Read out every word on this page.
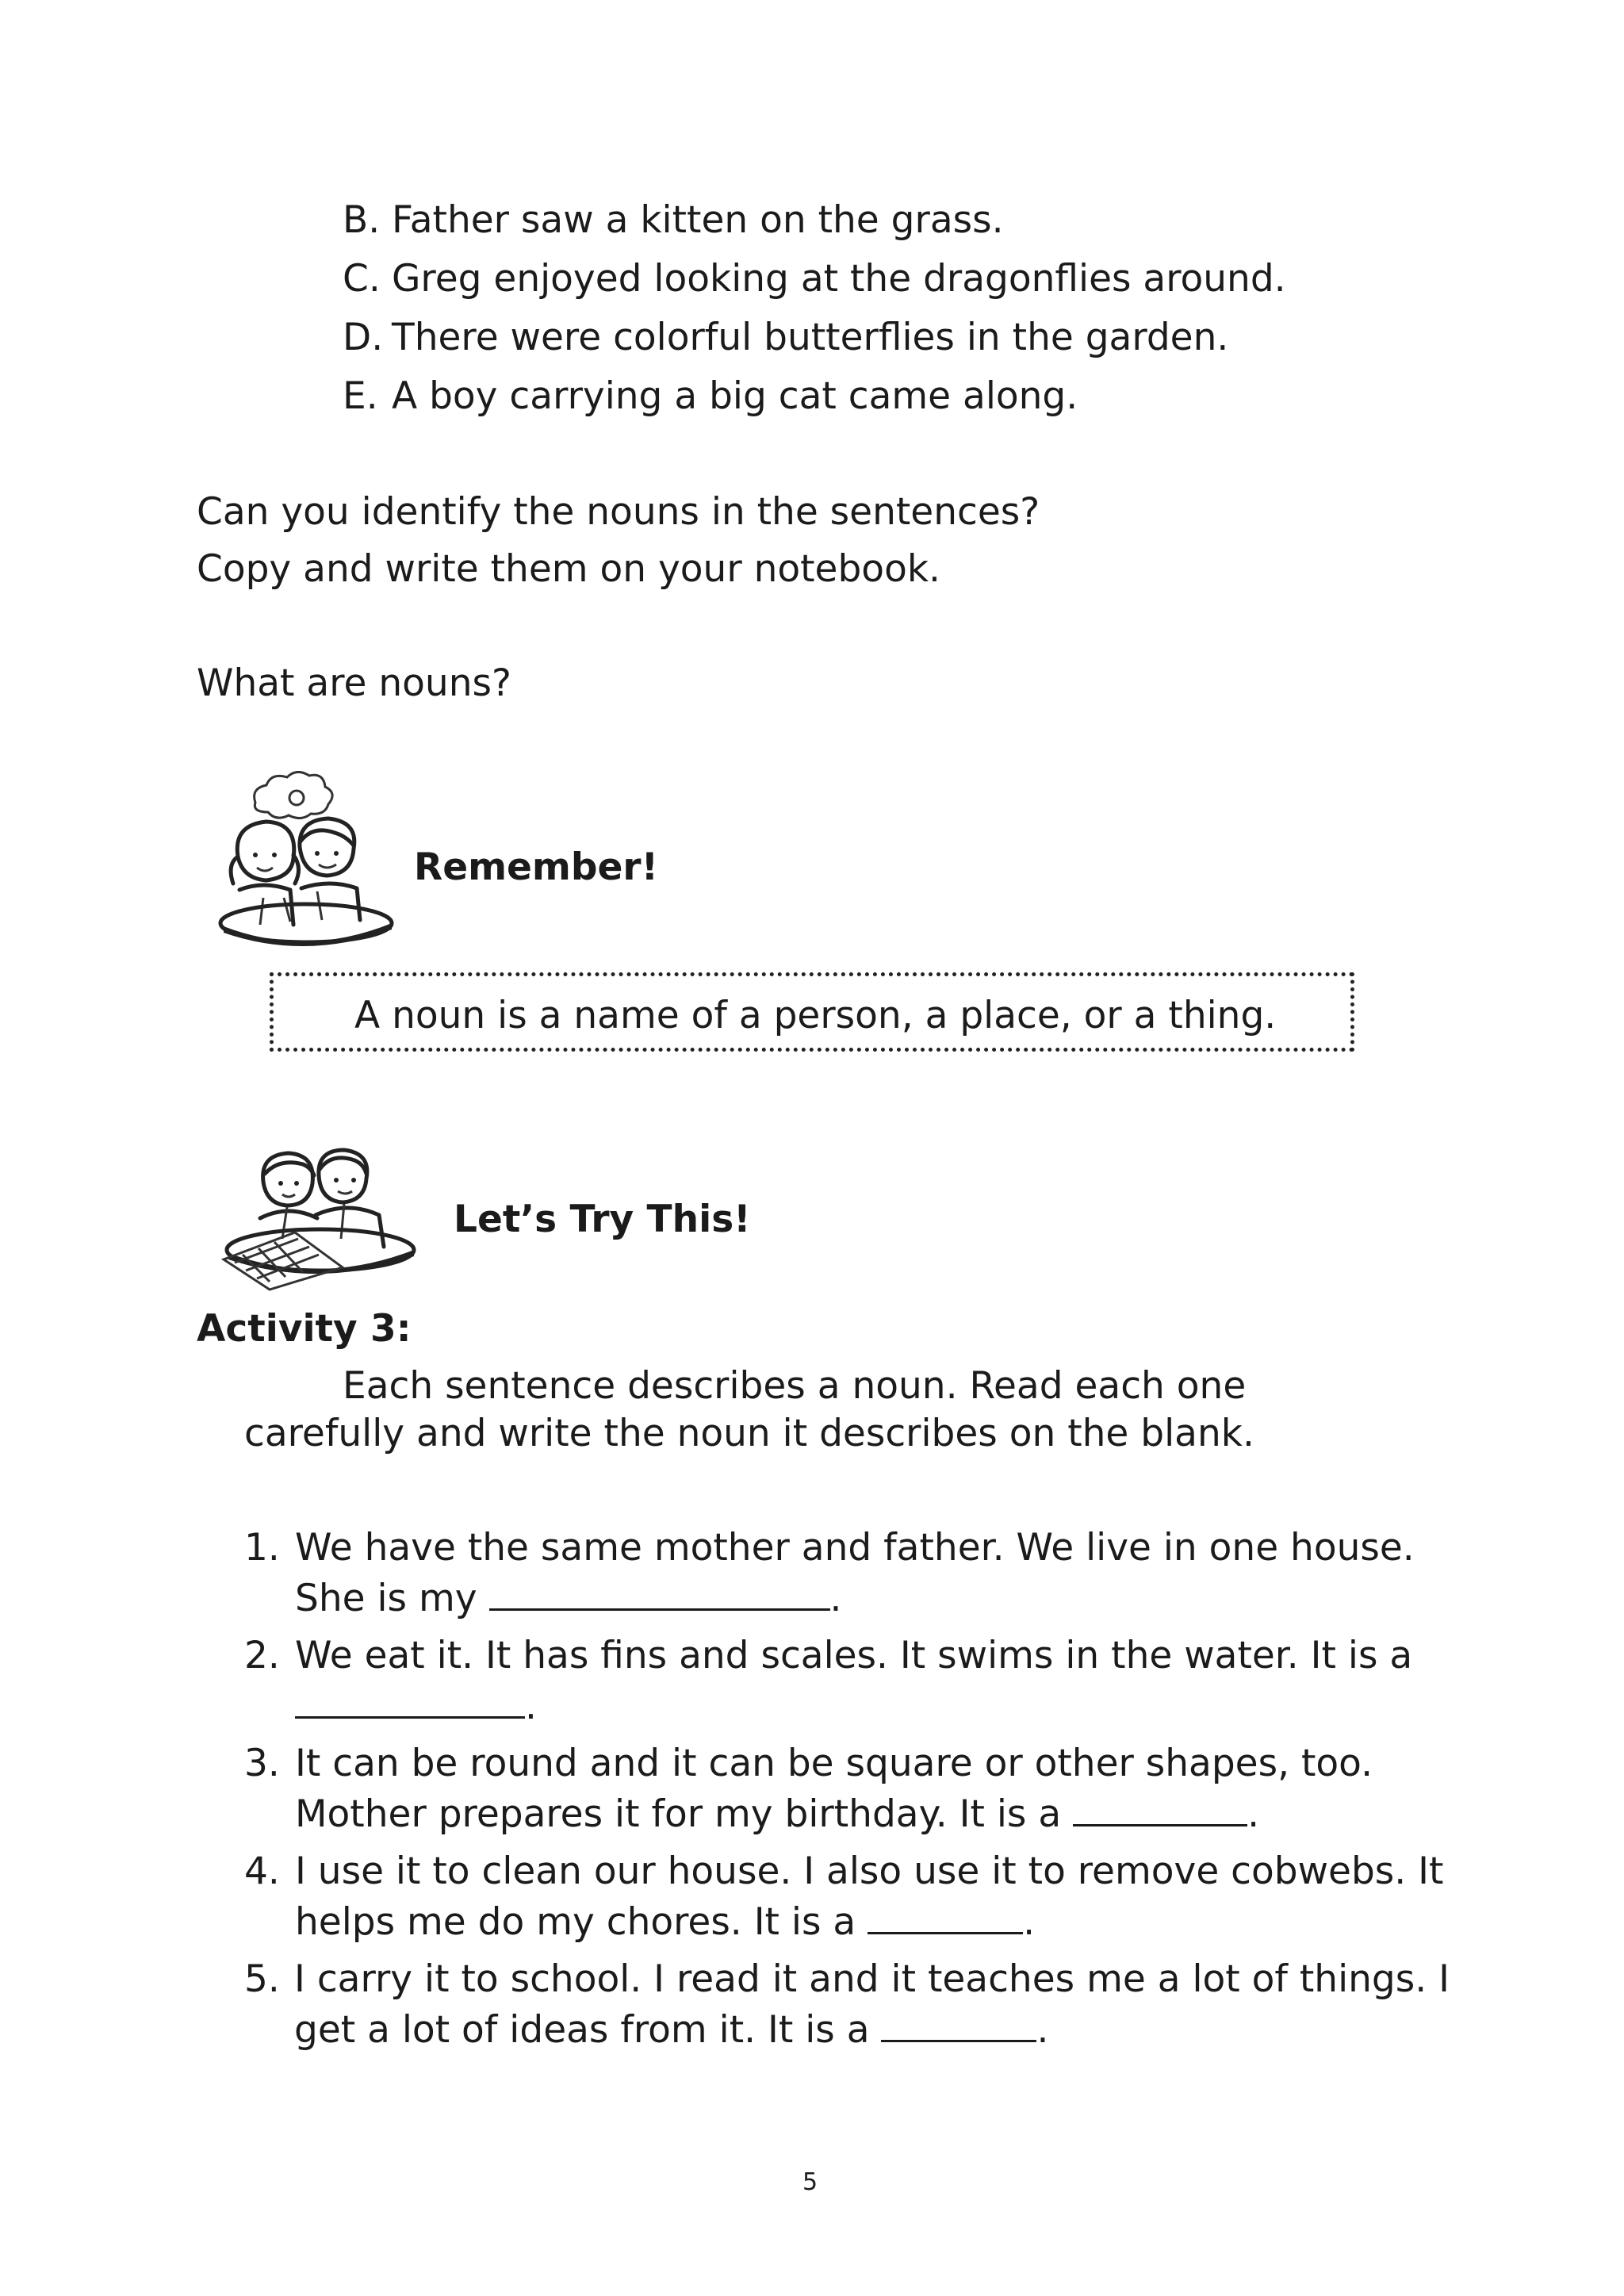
B. Father saw a kitten on the grass.
C. Greg enjoyed looking at the dragonflies around.
D. There were colorful butterflies in the garden.
E. A boy carrying a big cat came along.
Can you identify the nouns in the sentences?
Copy and write them on your notebook.
What are nouns?
Remember!
A noun is a name of a person, a place, or a thing.
Let’s Try This!
Activity 3:
Each sentence describes a noun. Read each one
carefully and write the noun it describes on the blank.
1. We have the same mother and father. We live in one house.
She is my	.
2. We eat it. It has fins and scales. It swims in the water. It is a
.
3. It can be round and it can be square or other shapes, too.
Mother prepares it for my birthday. It is a	.
4. I use it to clean our house. I also use it to remove cobwebs. It
helps me do my chores. It is a	.
5. I carry it to school. I read it and it teaches me a lot of things. I
get a lot of ideas from it. It is a	.
5
